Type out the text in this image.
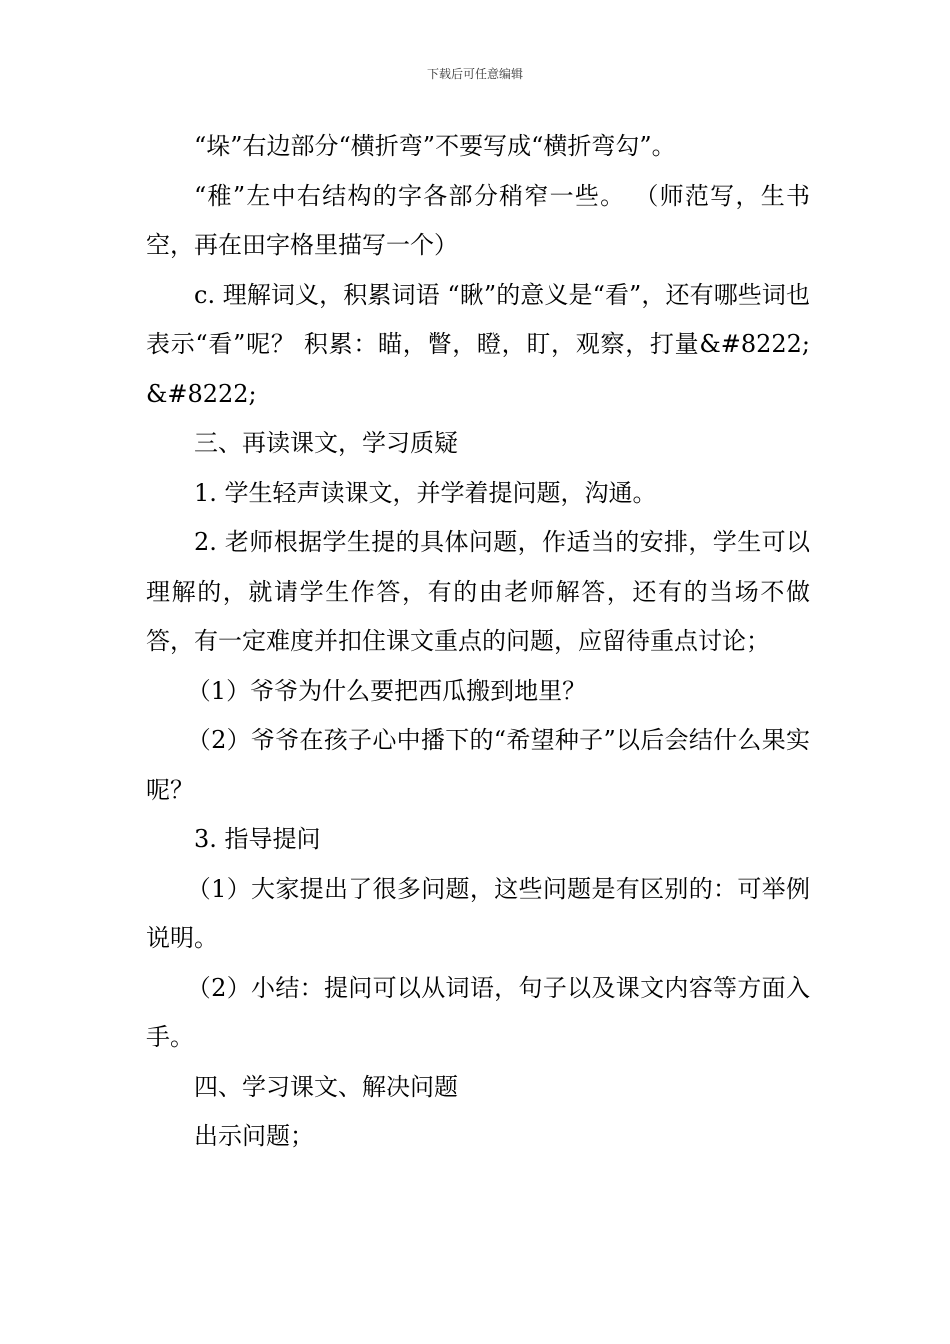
下载后可任意编辑

“垛”右边部分“横折弯”不要写成“横折弯勾”。

“稚”左中右结构的字各部分稍窄一些。 （师范写，生书空，再在田字格里描写一个）

c. 理解词义，积累词语 “瞅”的意义是“看”，还有哪些词也表示“看”呢？ 积累：瞄，瞥，瞪，盯，观察，打量&#8222;&#8222;

三、再读课文，学习质疑

1. 学生轻声读课文，并学着提问题，沟通。

2. 老师根据学生提的具体问题，作适当的安排，学生可以理解的，就请学生作答，有的由老师解答，还有的当场不做答，有一定难度并扣住课文重点的问题，应留待重点讨论；

（1）爷爷为什么要把西瓜搬到地里？

（2）爷爷在孩子心中播下的“希望种子”以后会结什么果实呢？

3. 指导提问

（1）大家提出了很多问题，这些问题是有区别的：可举例说明。

（2）小结：提问可以从词语，句子以及课文内容等方面入手。

四、学习课文、解决问题

出示问题；
